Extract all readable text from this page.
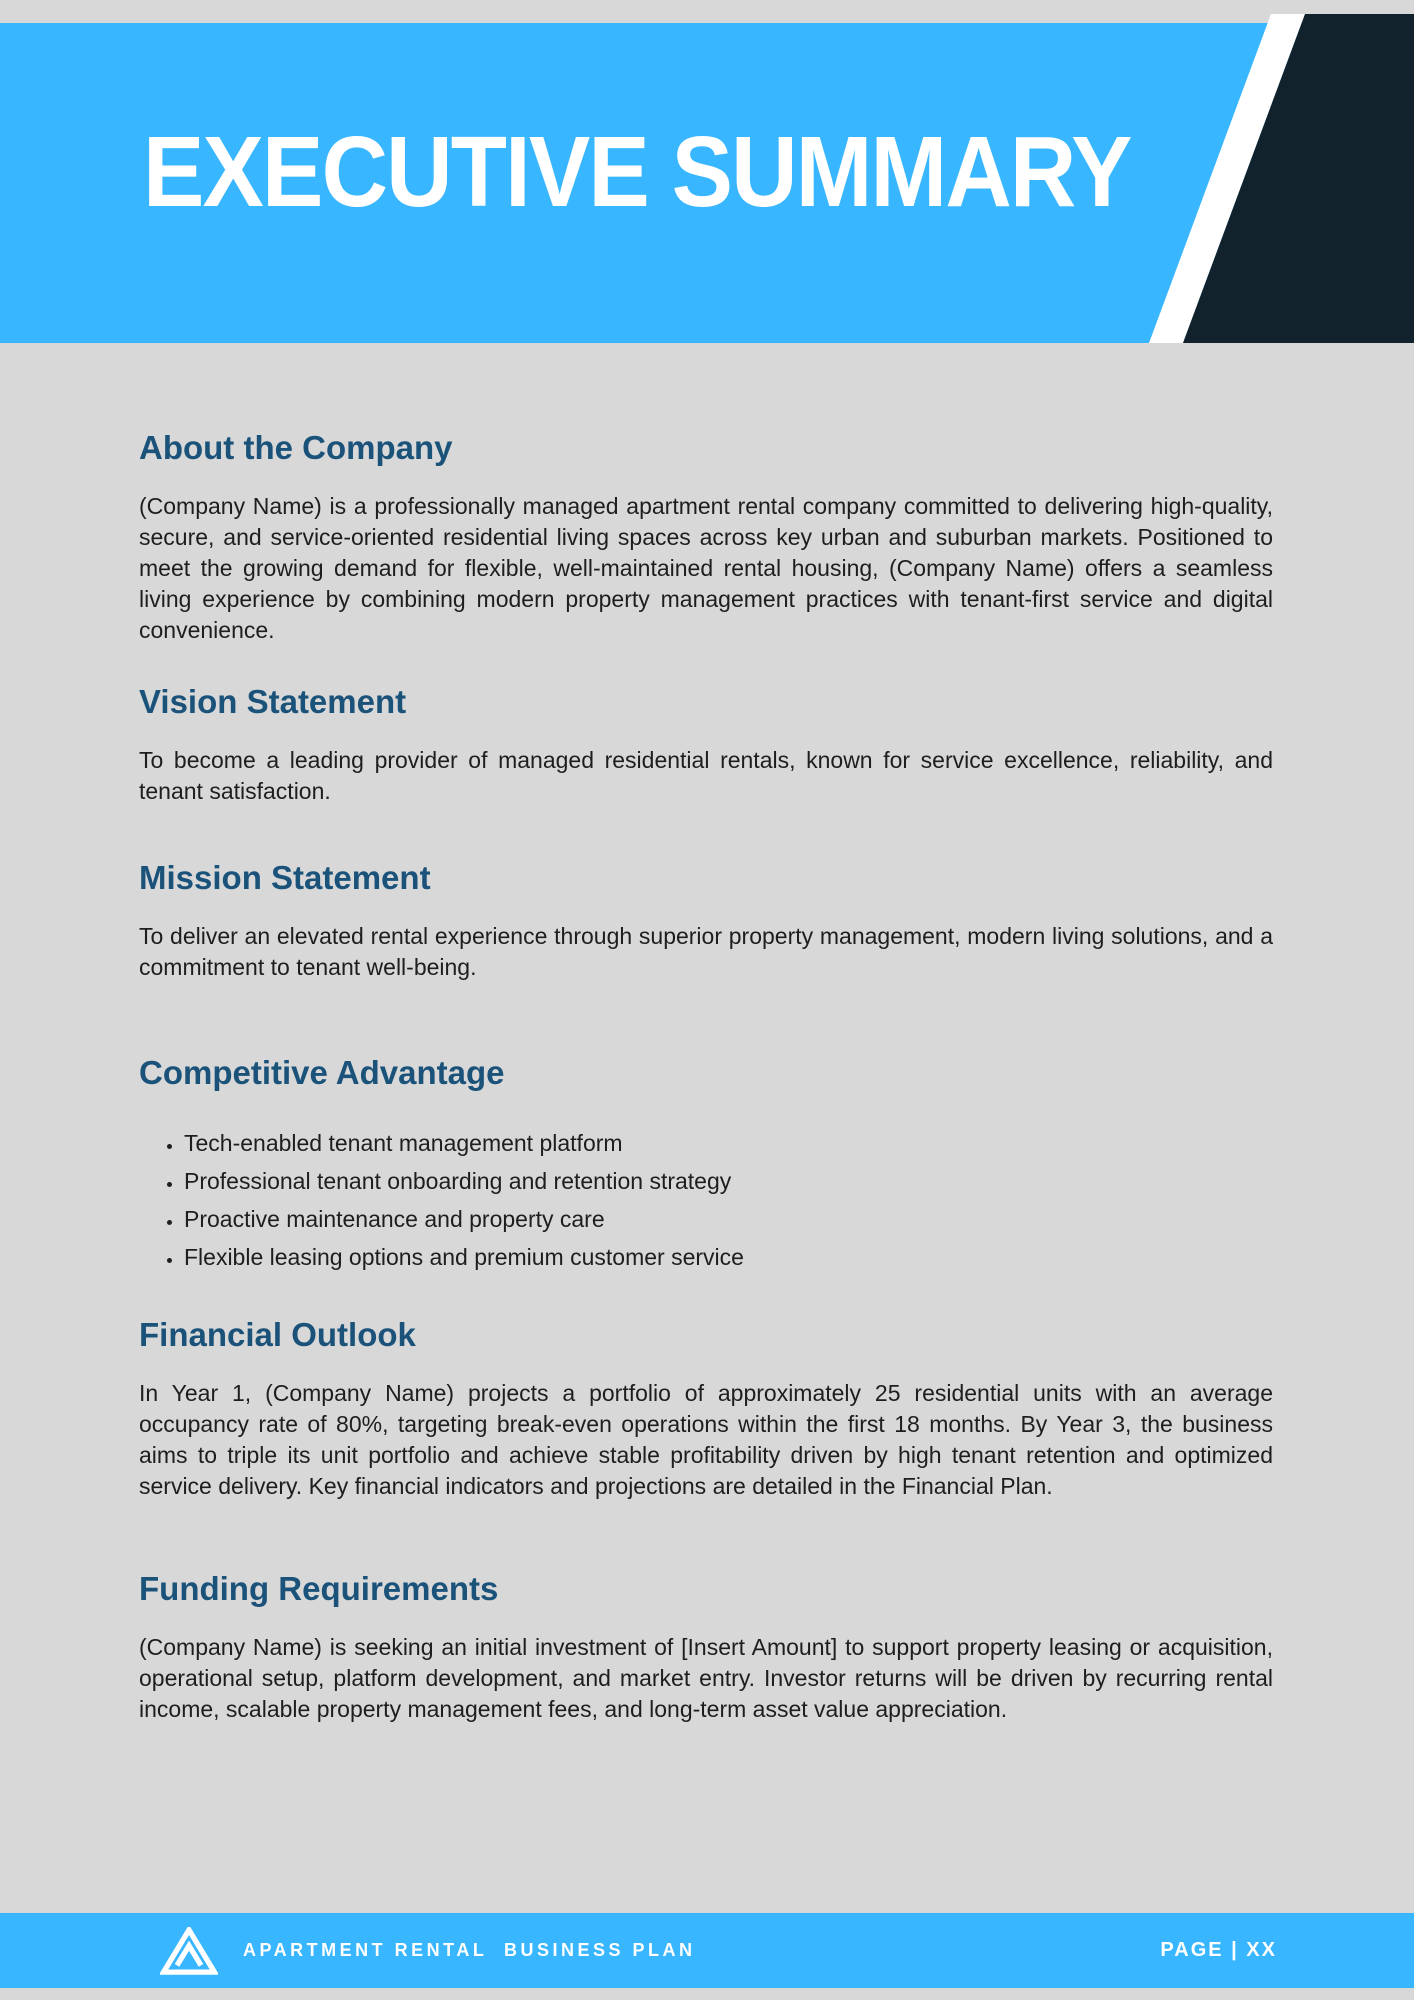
EXECUTIVE SUMMARY
About the Company

(Company Name) is a professionally managed apartment rental company committed to delivering high-quality, secure, and service-oriented residential living spaces across key urban and suburban markets. Positioned to meet the growing demand for flexible, well-maintained rental housing, (Company Name) offers a seamless living experience by combining modern property management practices with tenant-first service and digital convenience.

Vision Statement

To become a leading provider of managed residential rentals, known for service excellence, reliability, and tenant satisfaction.

Mission Statement

To deliver an elevated rental experience through superior property management, modern living solutions, and a commitment to tenant well-being.

Competitive Advantage
• Tech-enabled tenant management platform
• Professional tenant onboarding and retention strategy
• Proactive maintenance and property care
• Flexible leasing options and premium customer service
Financial Outlook

In Year 1, (Company Name) projects a portfolio of approximately 25 residential units with an average occupancy rate of 80%, targeting break-even operations within the first 18 months. By Year 3, the business aims to triple its unit portfolio and achieve stable profitability driven by high tenant retention and optimized service delivery. Key financial indicators and projections are detailed in the Financial Plan.

Funding Requirements

(Company Name) is seeking an initial investment of [Insert Amount] to support property leasing or acquisition, operational setup, platform development, and market entry. Investor returns will be driven by recurring rental income, scalable property management fees, and long-term asset value appreciation.

APARTMENT RENTAL  BUSINESS PLAN	PAGE | XX
